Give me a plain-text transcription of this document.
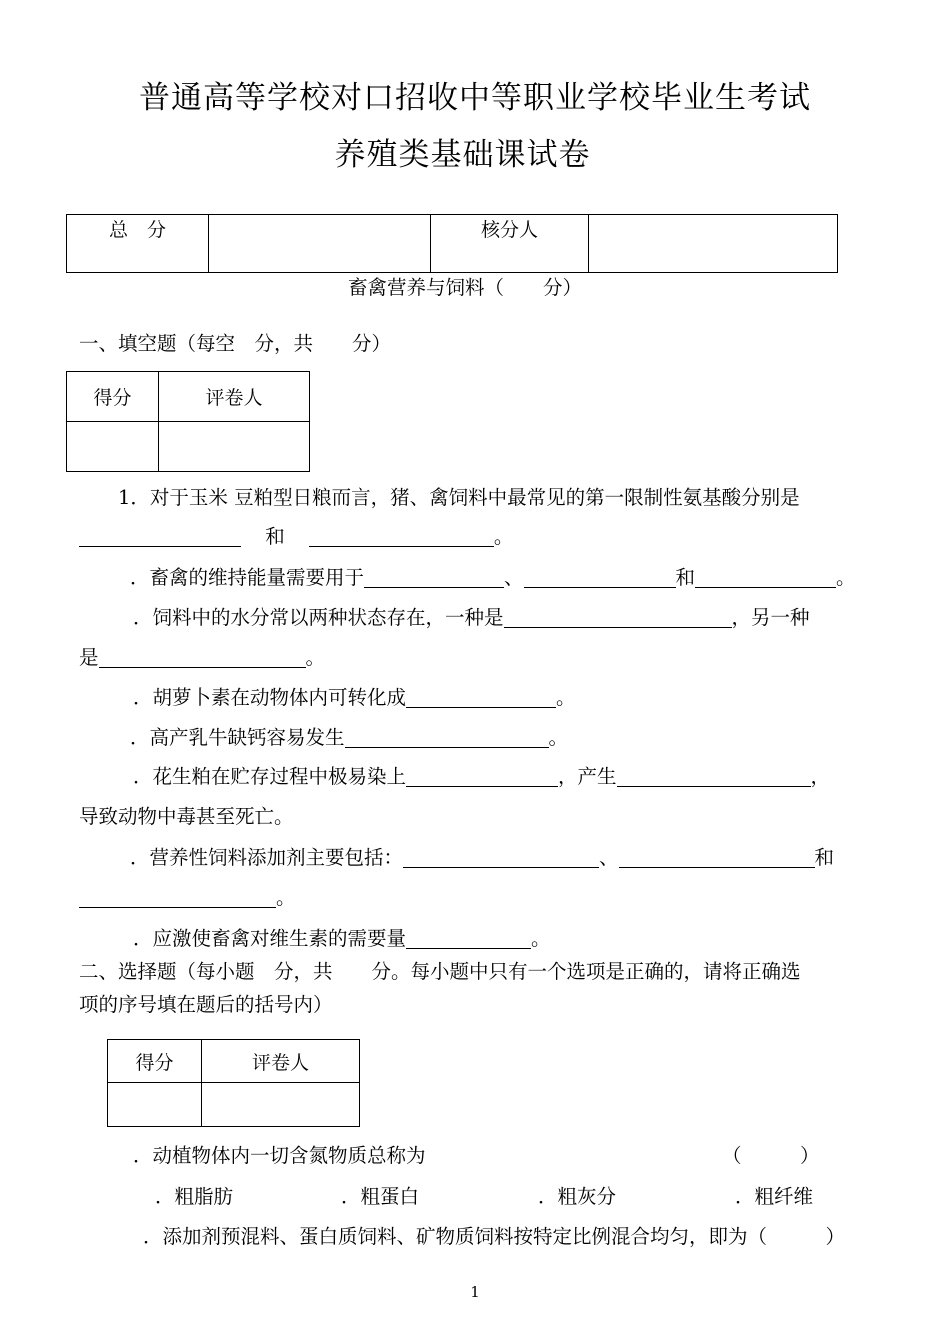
普通高等学校对口招收中等职业学校毕业生考试
养殖类基础课试卷
总　分		核分人	
畜禽营养与饲料（　　分）
一、填空题（每空　分，共　　分）
得分	评卷人

1．对于玉米 豆粕型日粮而言，猪、禽饲料中最常见的第一限制性氨基酸分别是
和	。
．畜禽的维持能量需要用于	、	和	。
．饲料中的水分常以两种状态存在，一种是	，另一种
是	。
．胡萝卜素在动物体内可转化成	。
．高产乳牛缺钙容易发生	。
．花生粕在贮存过程中极易染上	，产生	，
导致动物中毒甚至死亡。
．营养性饲料添加剂主要包括：	、	和
。
．应激使畜禽对维生素的需要量	。
二、选择题（每小题　分，共　　分。每小题中只有一个选项是正确的，请将正确选
项的序号填在题后的括号内）
得分	评卷人

．动植物体内一切含氮物质总称为	（　　　）
．粗脂肪	．粗蛋白	．粗灰分	．粗纤维
．添加剂预混料、蛋白质饲料、矿物质饲料按特定比例混合均匀，即为（　　　）
1
